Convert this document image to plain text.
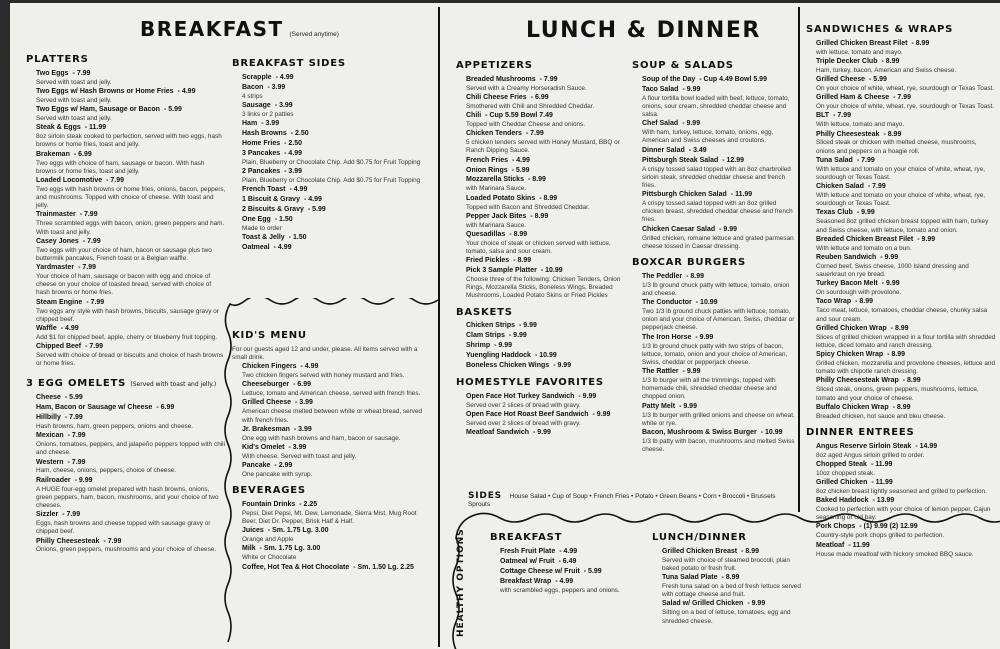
BREAKFAST (Served anytime)
PLATTERS
Two Eggs - 7.99
Served with toast and jelly.
Two Eggs w/ Hash Browns or Home Fries - 4.99
Served with toast and jelly.
Two Eggs w/ Ham, Sausage or Bacon - 5.99
Served with toast and jelly.
Steak & Eggs - 11.99
8oz sirloin steak cooked to perfection, served with two eggs, hash browns or home fries, toast and jelly.
Brakeman - 6.99
Two eggs with choice of ham, sausage or bacon. With hash browns or home fries, toast and jelly.
Loaded Locomotive - 7.99
Two eggs with hash browns or home fries, onions, bacon, peppers, and mushrooms. Topped with choice of cheese. With toast and jelly.
Trainmaster - 7.99
Three scrambled eggs with bacon, onion, green peppers and ham. With toast and jelly.
Casey Jones - 7.99
Two eggs with your choice of ham, bacon or sausage plus two buttermilk pancakes, French toast or a Belgian waffle.
Yardmaster - 7.99
Your choice of ham, sausage or bacon with egg and choice of cheese on your choice of toasted bread, served with choice of hash browns or home fries.
Steam Engine - 7.99
Two eggs any style with hash browns, biscuits, sausage gravy or chipped beef.
Waffle - 4.99
Add $1 for chipped beef, apple, cherry or blueberry fruit topping.
Chipped Beef - 7.99
Served with choice of bread or biscuits and choice of hash browns or home fries.
3 EGG OMELETS (Served with toast and jelly.)
Cheese - 5.99
Ham, Bacon or Sausage w/ Cheese - 6.99
Hillbilly - 7.99
Hash browns, ham, green peppers, onions and cheese.
Mexican - 7.99
Onions, tomatoes, peppers, and jalapeño peppers topped with chili and cheese.
Western - 7.99
Ham, cheese, onions, peppers, choice of cheese.
Railroader - 9.99
A HUGE four-egg omelet prepared with hash browns, onions, green peppers, ham, bacon, mushrooms, and your choice of two cheeses.
Sizzler - 7.99
Eggs, hash browns and cheese topped with sausage gravy or chipped beef.
Philly Cheesesteak - 7.99
Onions, green peppers, mushrooms and your choice of cheese.
BREAKFAST SIDES
Scrapple - 4.99
Bacon - 3.99
4 strips
Sausage - 3.99
3 links or 2 patties
Ham - 3.99
Hash Browns - 2.50
Home Fries - 2.50
3 Pancakes - 4.99
Plain, Blueberry or Chocolate Chip. Add $0.75 for Fruit Topping
2 Pancakes - 3.99
Plain, Blueberry or Chocolate Chip. Add $0.75 for Fruit Topping
French Toast - 4.99
1 Biscuit & Gravy - 4.99
2 Biscuits & Gravy - 5.99
One Egg - 1.50
Made to order
Toast & Jelly - 1.50
Oatmeal - 4.99
KID'S MENU
For our guests aged 12 and under, please. All items served with a small drink.
Chicken Fingers - 4.99
Two chicken fingers served with honey mustard and fries.
Cheeseburger - 6.99
Lettuce, tomato and American cheese, served with french fries.
Grilled Cheese - 3.99
American cheese melted between white or wheat bread, served with french fries.
Jr. Brakesman - 3.99
One egg with hash browns and ham, bacon or sausage.
Kid's Omelet - 3.99
With cheese. Served with toast and jelly.
Pancake - 2.99
One pancake with syrup.
BEVERAGES
Fountain Drinks - 2.25
Pepsi, Diet Pepsi, Mt. Dew, Lemonade, Sierra Mist, Mug Root Beer, Diet Dr. Pepper, Brisk Half & Half.
Juices - Sm. 1.75 Lg. 3.00
Orange and Apple
Milk - Sm. 1.75 Lg. 3.00
White or Chocolate
Coffee, Hot Tea & Hot Chocolate - Sm. 1.50 Lg. 2.25
LUNCH & DINNER
APPETIZERS
Breaded Mushrooms - 7.99
Served with a Creamy Horseradish Sauce.
Chili Cheese Fries - 6.99
Smothered with Chili and Shredded Cheddar.
Chili - Cup 5.59 Bowl 7.49
Topped with Cheddar Cheese and onions.
Chicken Tenders - 7.99
5 chicken tenders served with Honey Mustard, BBQ or Ranch Dipping Sauce.
French Fries - 4.99
Onion Rings - 5.99
Mozzarella Sticks - 8.99
with Marinara Sauce.
Loaded Potato Skins - 8.99
Topped with Bacon and Shredded Cheddar.
Pepper Jack Bites - 8.99
with Marinara Sauce.
Quesadillas - 8.99
Your choice of steak or chicken served with lettuce, tomato, salsa and sour cream.
Fried Pickles - 8.99
Pick 3 Sample Platter - 10.99
Choose three of the following: Chicken Tenders, Onion Rings, Mozzarella Sticks, Boneless Wings, Breaded Mushrooms, Loaded Potato Skins or Fried Pickles
BASKETS
Chicken Strips - 9.99
Clam Strips - 9.99
Shrimp - 9.99
Yuengling Haddock - 10.99
Boneless Chicken Wings - 9.99
HOMESTYLE FAVORITES
Open Face Hot Turkey Sandwich - 9.99
Served over 2 slices of bread with gravy.
Open Face Hot Roast Beef Sandwich - 9.99
Served over 2 slices of bread with gravy.
Meatloaf Sandwich - 9.99
SOUP & SALADS
Soup of the Day - Cup 4.49 Bowl 5.99
Taco Salad - 9.99
A flour tortilla bowl loaded with beef, lettuce, tomato, onions, sour cream, shredded cheddar cheese and salsa.
Chef Salad - 9.99
With ham, turkey, lettuce, tomato, onions, egg, American and Swiss cheeses and croutons.
Dinner Salad - 3.49
Pittsburgh Steak Salad - 12.99
A crispy tossed salad topped with an 8oz charbroiled sirloin steak, shredded cheddar cheese and french fries.
Pittsburgh Chicken Salad - 11.99
A crispy tossed salad topped with an 8oz grilled chicken breast, shredded cheddar cheese and french fries.
Chicken Caesar Salad - 9.99
Grilled chicken, romaine lettuce and grated parmesan cheese tossed in Caesar dressing.
BOXCAR BURGERS
The Peddler - 8.99
1/3 lb ground chuck patty with lettuce, tomato, onion and cheese.
The Conductor - 10.99
Two 1/3 lb ground chuck patties with lettuce, tomato, onion and your choice of American, Swiss, cheddar or pepperjack cheese.
The Iron Horse - 9.99
1/3 lb ground chuck patty with two strips of bacon, lettuce, tomato, onion and your choice of American, Swiss, cheddar or pepperjack cheese.
The Rattler - 9.99
1/3 lb burger with all the trimmings, topped with homemade chili, shredded cheddar cheese and chopped onion.
Patty Melt - 9.99
1/3 lb burger with grilled onions and cheese on wheat, white or rye.
Bacon, Mushroom & Swiss Burger - 10.99
1/3 lb patty with bacon, mushrooms and melted Swiss cheese.
SIDES House Salad • Cup of Soup • French Fries • Potato • Green Beans • Corn • Broccoli • Brussels Sprouts
HEALTHY OPTIONS BREAKFAST
Fresh Fruit Plate - 4.99
Oatmeal w/ Fruit - 6.49
Cottage Cheese w/ Fruit - 5.99
Breakfast Wrap - 4.99
with scrambled eggs, peppers and onions.
LUNCH/DINNER
Grilled Chicken Breast - 8.99
Served with choice of steamed broccoli, plain baked potato or fresh fruit.
Tuna Salad Plate - 8.99
Fresh tuna salad on a bed of fresh lettuce served with cottage cheese and fruit.
Salad w/ Grilled Chicken - 9.99
Sitting on a bed of lettuce, tomatoes, egg and shredded cheese.
SANDWICHES & WRAPS
Grilled Chicken Breast Filet - 8.99
with lettuce, tomato and mayo.
Triple Decker Club - 8.99
Ham, turkey, bacon, American and Swiss cheese.
Grilled Cheese - 5.99
On your choice of white, wheat, rye, sourdough or Texas Toast.
Grilled Ham & Cheese - 7.99
On your choice of white, wheat, rye, sourdough or Texas Toast.
BLT - 7.99
With lettuce, tomato and mayo.
Philly Cheesesteak - 8.99
Sliced steak or chicken with melted cheese, mushrooms, onions and peppers on a hoagie roll.
Tuna Salad - 7.99
With lettuce and tomato on your choice of white, wheat, rye, sourdough or Texas Toast.
Chicken Salad - 7.99
With lettuce and tomato on your choice of white, wheat, rye, sourdough or Texas Toast.
Texas Club - 9.99
Seasoned 8oz grilled chicken breast topped with ham, turkey and Swiss cheese, with lettuce, tomato and onion.
Breaded Chicken Breast Filet - 9.99
With lettuce and tomato on a bun.
Reuben Sandwich - 9.99
Corned beef, Swiss cheese, 1000 Island dressing and sauerkraut on rye bread.
Turkey Bacon Melt - 9.99
On sourdough with provolone.
Taco Wrap - 8.99
Taco meat, lettuce, tomatoes, cheddar cheese, chunky salsa and sour cream.
Grilled Chicken Wrap - 8.99
Slices of grilled chicken wrapped in a flour tortilla with shredded lettuce, diced tomato and ranch dressing.
Spicy Chicken Wrap - 8.99
Grilled chicken, mozzarella and provolone cheeses, lettuce and tomato with chipotle ranch dressing.
Philly Cheesesteak Wrap - 8.99
Sliced steak, onions, green peppers, mushrooms, lettuce, tomato and your choice of cheese.
Buffalo Chicken Wrap - 8.99
Breaded chicken, hot sauce and bleu cheese.
DINNER ENTREES
Angus Reserve Sirloin Steak - 14.99
8oz aged Angus sirloin grilled to order.
Chopped Steak - 11.99
10oz chopped steak.
Grilled Chicken - 11.99
8oz chicken breast lightly seasoned and grilled to perfection.
Baked Haddock - 13.99
Cooked to perfection with your choice of lemon pepper, Cajun seasoning or old bay.
Pork Chops - (1) 9.99 (2) 12.99
Country-style pork chops grilled to perfection.
Meatloaf - 11.99
House made meatloaf with hickory smoked BBQ sauce.
